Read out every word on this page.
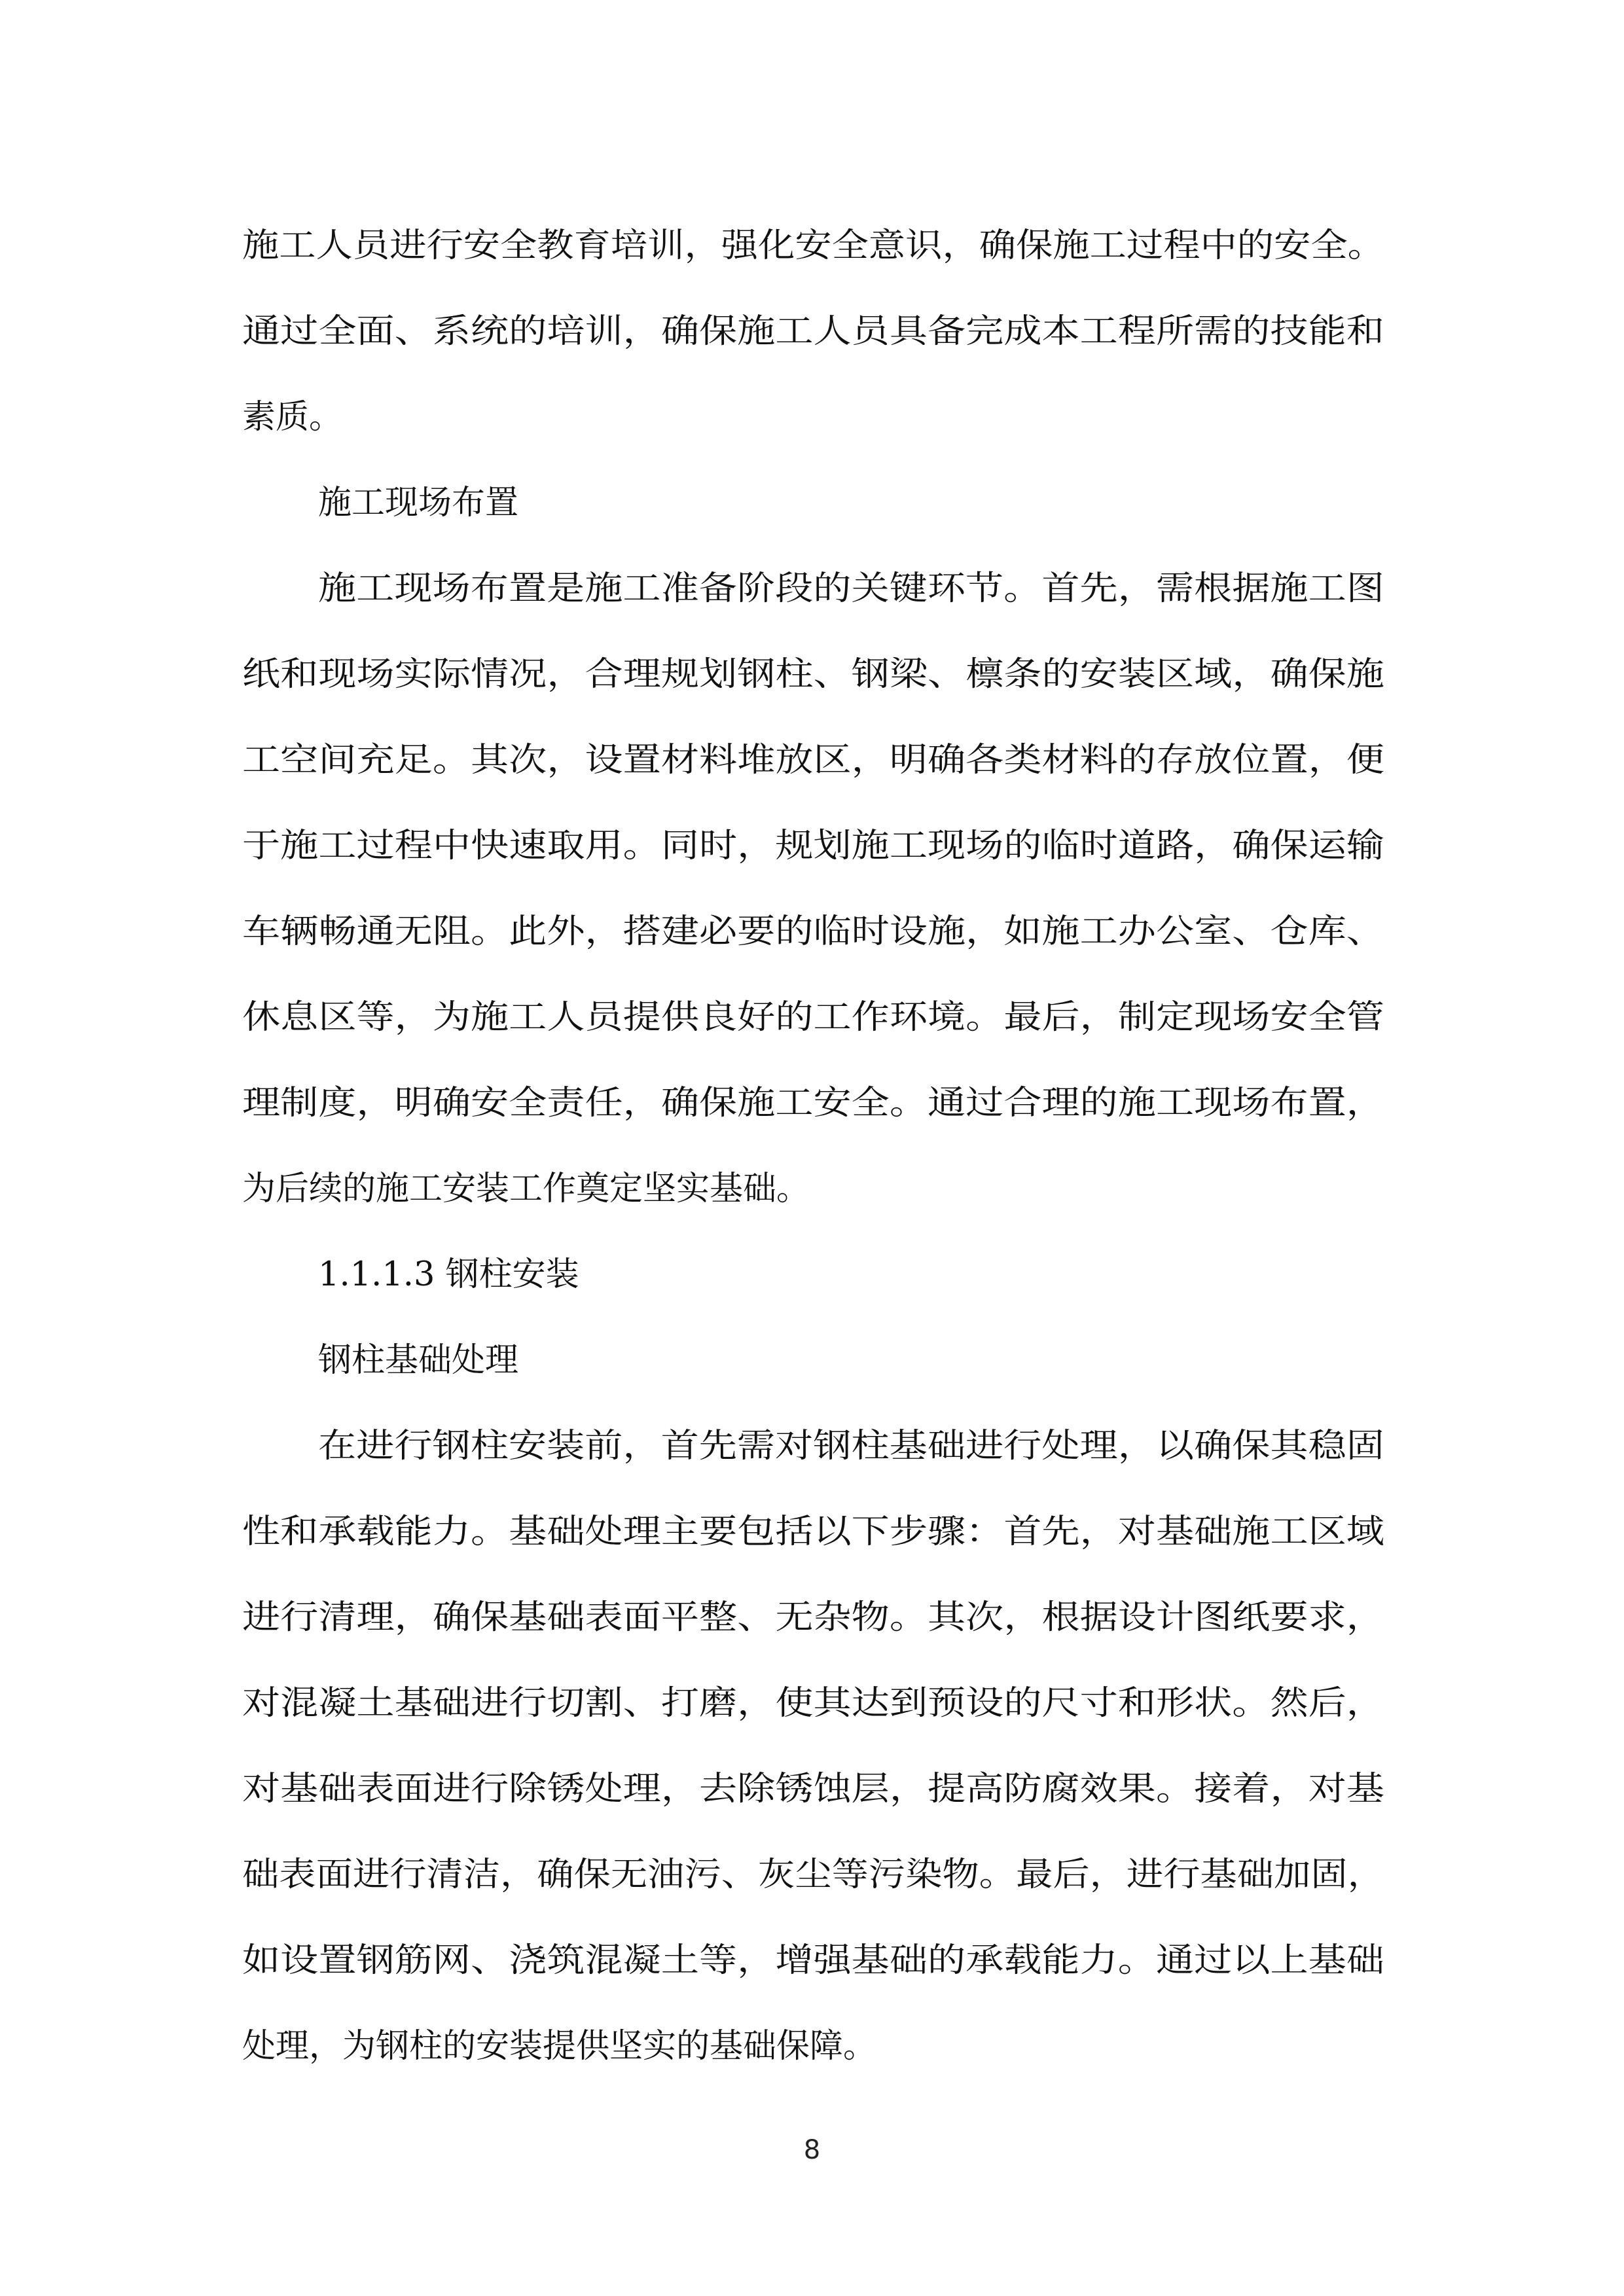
施工人员进行安全教育培训，强化安全意识，确保施工过程中的安全。
通过全面、系统的培训，确保施工人员具备完成本工程所需的技能和
素质。
施工现场布置
施工现场布置是施工准备阶段的关键环节。首先，需根据施工图
纸和现场实际情况，合理规划钢柱、钢梁、檩条的安装区域，确保施
工空间充足。其次，设置材料堆放区，明确各类材料的存放位置，便
于施工过程中快速取用。同时，规划施工现场的临时道路，确保运输
车辆畅通无阻。此外，搭建必要的临时设施，如施工办公室、仓库、
休息区等，为施工人员提供良好的工作环境。最后，制定现场安全管
理制度，明确安全责任，确保施工安全。通过合理的施工现场布置，
为后续的施工安装工作奠定坚实基础。
1.1.1.3 钢柱安装
钢柱基础处理
在进行钢柱安装前，首先需对钢柱基础进行处理，以确保其稳固
性和承载能力。基础处理主要包括以下步骤：首先，对基础施工区域
进行清理，确保基础表面平整、无杂物。其次，根据设计图纸要求，
对混凝土基础进行切割、打磨，使其达到预设的尺寸和形状。然后，
对基础表面进行除锈处理，去除锈蚀层，提高防腐效果。接着，对基
础表面进行清洁，确保无油污、灰尘等污染物。最后，进行基础加固，
如设置钢筋网、浇筑混凝土等，增强基础的承载能力。通过以上基础
处理，为钢柱的安装提供坚实的基础保障。
8
